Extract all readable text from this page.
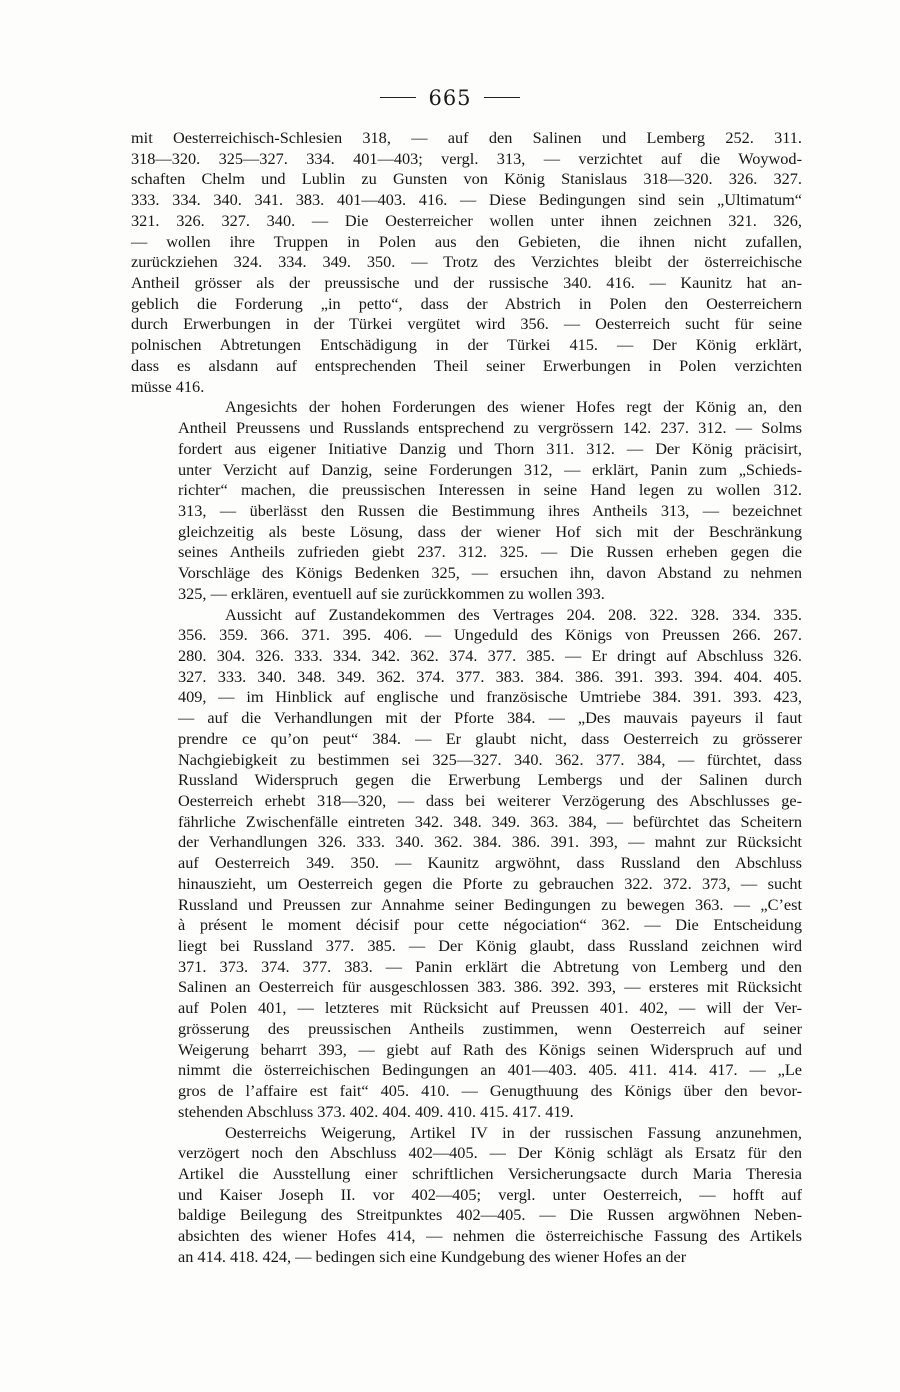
665

mit Oesterreichisch-Schlesien 318, — auf den Salinen und Lemberg 252. 311.
318—320. 325—327. 334. 401—403; vergl. 313, — verzichtet auf die Woywod-
schaften Chelm und Lublin zu Gunsten von König Stanislaus 318—320. 326. 327.
333. 334. 340. 341. 383. 401—403. 416. — Diese Bedingungen sind sein „Ultimatum“
321. 326. 327. 340. — Die Oesterreicher wollen unter ihnen zeichnen 321. 326,
— wollen ihre Truppen in Polen aus den Gebieten, die ihnen nicht zufallen,
zurückziehen 324. 334. 349. 350. — Trotz des Verzichtes bleibt der österreichische
Antheil grösser als der preussische und der russische 340. 416. — Kaunitz hat an-
geblich die Forderung „in petto“, dass der Abstrich in Polen den Oesterreichern
durch Erwerbungen in der Türkei vergütet wird 356. — Oesterreich sucht für seine
polnischen Abtretungen Entschädigung in der Türkei 415. — Der König erklärt,
dass es alsdann auf entsprechenden Theil seiner Erwerbungen in Polen verzichten
müsse 416.

Angesichts der hohen Forderungen des wiener Hofes regt der König an, den
Antheil Preussens und Russlands entsprechend zu vergrössern 142. 237. 312. — Solms
fordert aus eigener Initiative Danzig und Thorn 311. 312. — Der König präcisirt,
unter Verzicht auf Danzig, seine Forderungen 312, — erklärt, Panin zum „Schieds-
richter“ machen, die preussischen Interessen in seine Hand legen zu wollen 312.
313, — überlässt den Russen die Bestimmung ihres Antheils 313, — bezeichnet
gleichzeitig als beste Lösung, dass der wiener Hof sich mit der Beschränkung
seines Antheils zufrieden giebt 237. 312. 325. — Die Russen erheben gegen die
Vorschläge des Königs Bedenken 325, — ersuchen ihn, davon Abstand zu nehmen
325, — erklären, eventuell auf sie zurückkommen zu wollen 393.

Aussicht auf Zustandekommen des Vertrages 204. 208. 322. 328. 334. 335.
356. 359. 366. 371. 395. 406. — Ungeduld des Königs von Preussen 266. 267.
280. 304. 326. 333. 334. 342. 362. 374. 377. 385. — Er dringt auf Abschluss 326.
327. 333. 340. 348. 349. 362. 374. 377. 383. 384. 386. 391. 393. 394. 404. 405.
409, — im Hinblick auf englische und französische Umtriebe 384. 391. 393. 423,
— auf die Verhandlungen mit der Pforte 384. — „Des mauvais payeurs il faut
prendre ce qu’on peut“ 384. — Er glaubt nicht, dass Oesterreich zu grösserer
Nachgiebigkeit zu bestimmen sei 325—327. 340. 362. 377. 384, — fürchtet, dass
Russland Widerspruch gegen die Erwerbung Lembergs und der Salinen durch
Oesterreich erhebt 318—320, — dass bei weiterer Verzögerung des Abschlusses ge-
fährliche Zwischenfälle eintreten 342. 348. 349. 363. 384, — befürchtet das Scheitern
der Verhandlungen 326. 333. 340. 362. 384. 386. 391. 393, — mahnt zur Rücksicht
auf Oesterreich 349. 350. — Kaunitz argwöhnt, dass Russland den Abschluss
hinauszieht, um Oesterreich gegen die Pforte zu gebrauchen 322. 372. 373, — sucht
Russland und Preussen zur Annahme seiner Bedingungen zu bewegen 363. — „C’est
à présent le moment décisif pour cette négociation“ 362. — Die Entscheidung
liegt bei Russland 377. 385. — Der König glaubt, dass Russland zeichnen wird
371. 373. 374. 377. 383. — Panin erklärt die Abtretung von Lemberg und den
Salinen an Oesterreich für ausgeschlossen 383. 386. 392. 393, — ersteres mit Rücksicht
auf Polen 401, — letzteres mit Rücksicht auf Preussen 401. 402, — will der Ver-
grösserung des preussischen Antheils zustimmen, wenn Oesterreich auf seiner
Weigerung beharrt 393, — giebt auf Rath des Königs seinen Widerspruch auf und
nimmt die österreichischen Bedingungen an 401—403. 405. 411. 414. 417. — „Le
gros de l’affaire est fait“ 405. 410. — Genugthuung des Königs über den bevor-
stehenden Abschluss 373. 402. 404. 409. 410. 415. 417. 419.

Oesterreichs Weigerung, Artikel IV in der russischen Fassung anzunehmen,
verzögert noch den Abschluss 402—405. — Der König schlägt als Ersatz für den
Artikel die Ausstellung einer schriftlichen Versicherungsacte durch Maria Theresia
und Kaiser Joseph II. vor 402—405; vergl. unter Oesterreich, — hofft auf
baldige Beilegung des Streitpunktes 402—405. — Die Russen argwöhnen Neben-
absichten des wiener Hofes 414, — nehmen die österreichische Fassung des Artikels
an 414. 418. 424, — bedingen sich eine Kundgebung des wiener Hofes an der
